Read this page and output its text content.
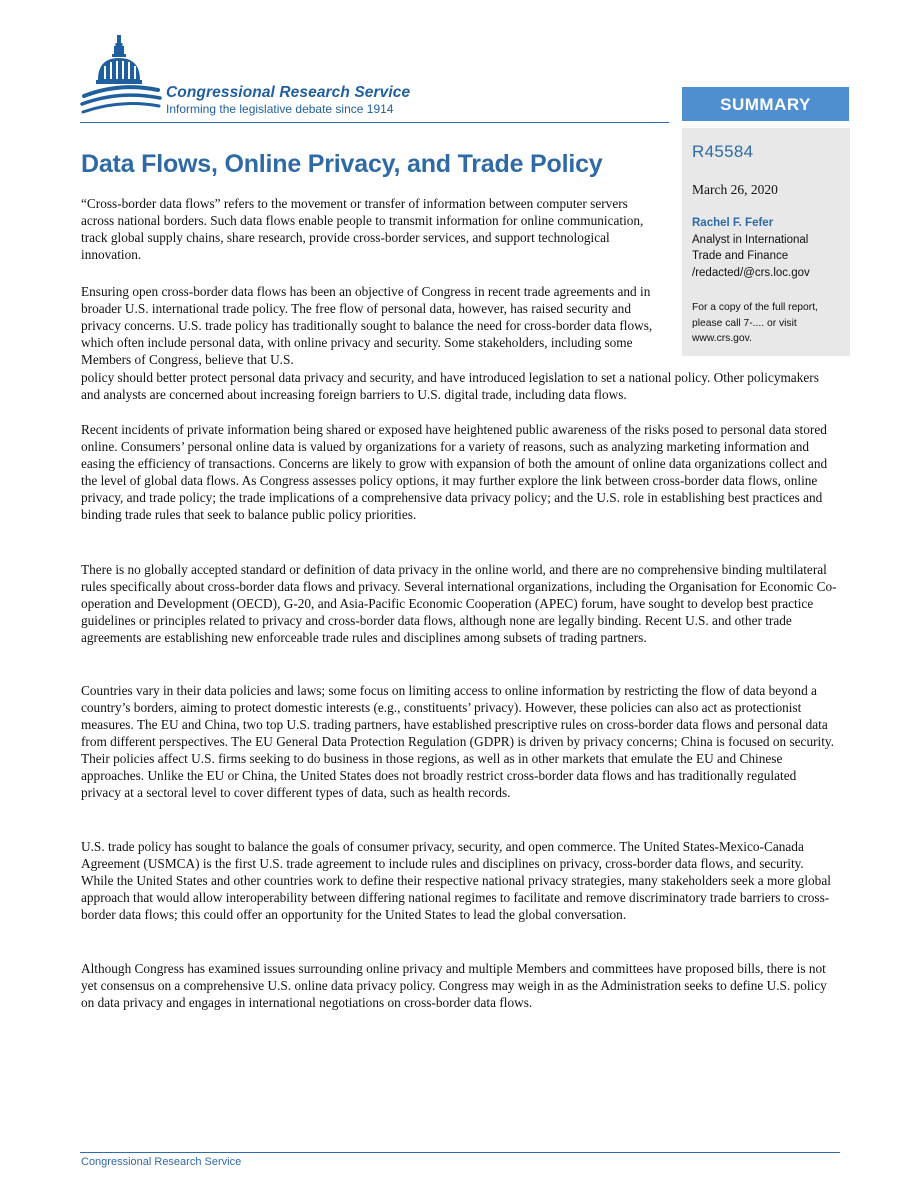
Congressional Research Service
Informing the legislative debate since 1914	SUMMARY
R45584
March 26, 2020
Rachel F. Fefer
Analyst in International
Trade and Finance
/redacted/@crs.loc.gov
For a copy of the full report,
please call 7-.... or visit
www.crs.gov.
Data Flows, Online Privacy, and Trade Policy

“Cross-border data flows” refers to the movement or transfer of information between computer servers across national borders. Such data flows enable people to transmit information for online communication, track global supply chains, share research, provide cross-border services, and support technological innovation.

Ensuring open cross-border data flows has been an objective of Congress in recent trade agreements and in broader U.S. international trade policy. The free flow of personal data, however, has raised security and privacy concerns. U.S. trade policy has traditionally sought to balance the need for cross-border data flows, which often include personal data, with online privacy and security. Some stakeholders, including some Members of Congress, believe that U.S.

policy should better protect personal data privacy and security, and have introduced legislation to set a national policy. Other policymakers and analysts are concerned about increasing foreign barriers to U.S. digital trade, including data flows.

Recent incidents of private information being shared or exposed have heightened public awareness of the risks posed to personal data stored online. Consumers’ personal online data is valued by organizations for a variety of reasons, such as analyzing marketing information and easing the efficiency of transactions. Concerns are likely to grow with expansion of both the amount of online data organizations collect and the level of global data flows. As Congress assesses policy options, it may further explore the link between cross-border data flows, online privacy, and trade policy; the trade implications of a comprehensive data privacy policy; and the U.S. role in establishing best practices and binding trade rules that seek to balance public policy priorities.

There is no globally accepted standard or definition of data privacy in the online world, and there are no comprehensive binding multilateral rules specifically about cross-border data flows and privacy. Several international organizations, including the Organisation for Economic Co-operation and Development (OECD), G-20, and Asia-Pacific Economic Cooperation (APEC) forum, have sought to develop best practice guidelines or principles related to privacy and cross-border data flows, although none are legally binding. Recent U.S. and other trade agreements are establishing new enforceable trade rules and disciplines among subsets of trading partners.

Countries vary in their data policies and laws; some focus on limiting access to online information by restricting the flow of data beyond a country’s borders, aiming to protect domestic interests (e.g., constituents’ privacy). However, these policies can also act as protectionist measures. The EU and China, two top U.S. trading partners, have established prescriptive rules on cross-border data flows and personal data from different perspectives. The EU General Data Protection Regulation (GDPR) is driven by privacy concerns; China is focused on security. Their policies affect U.S. firms seeking to do business in those regions, as well as in other markets that emulate the EU and Chinese approaches. Unlike the EU or China, the United States does not broadly restrict cross-border data flows and has traditionally regulated privacy at a sectoral level to cover different types of data, such as health records.

U.S. trade policy has sought to balance the goals of consumer privacy, security, and open commerce. The United States-Mexico-Canada Agreement (USMCA) is the first U.S. trade agreement to include rules and disciplines on privacy, cross-border data flows, and security. While the United States and other countries work to define their respective national privacy strategies, many stakeholders seek a more global approach that would allow interoperability between differing national regimes to facilitate and remove discriminatory trade barriers to cross-border data flows; this could offer an opportunity for the United States to lead the global conversation.

Although Congress has examined issues surrounding online privacy and multiple Members and committees have proposed bills, there is not yet consensus on a comprehensive U.S. online data privacy policy. Congress may weigh in as the Administration seeks to define U.S. policy on data privacy and engages in international negotiations on cross-border data flows.

Congressional Research Service
